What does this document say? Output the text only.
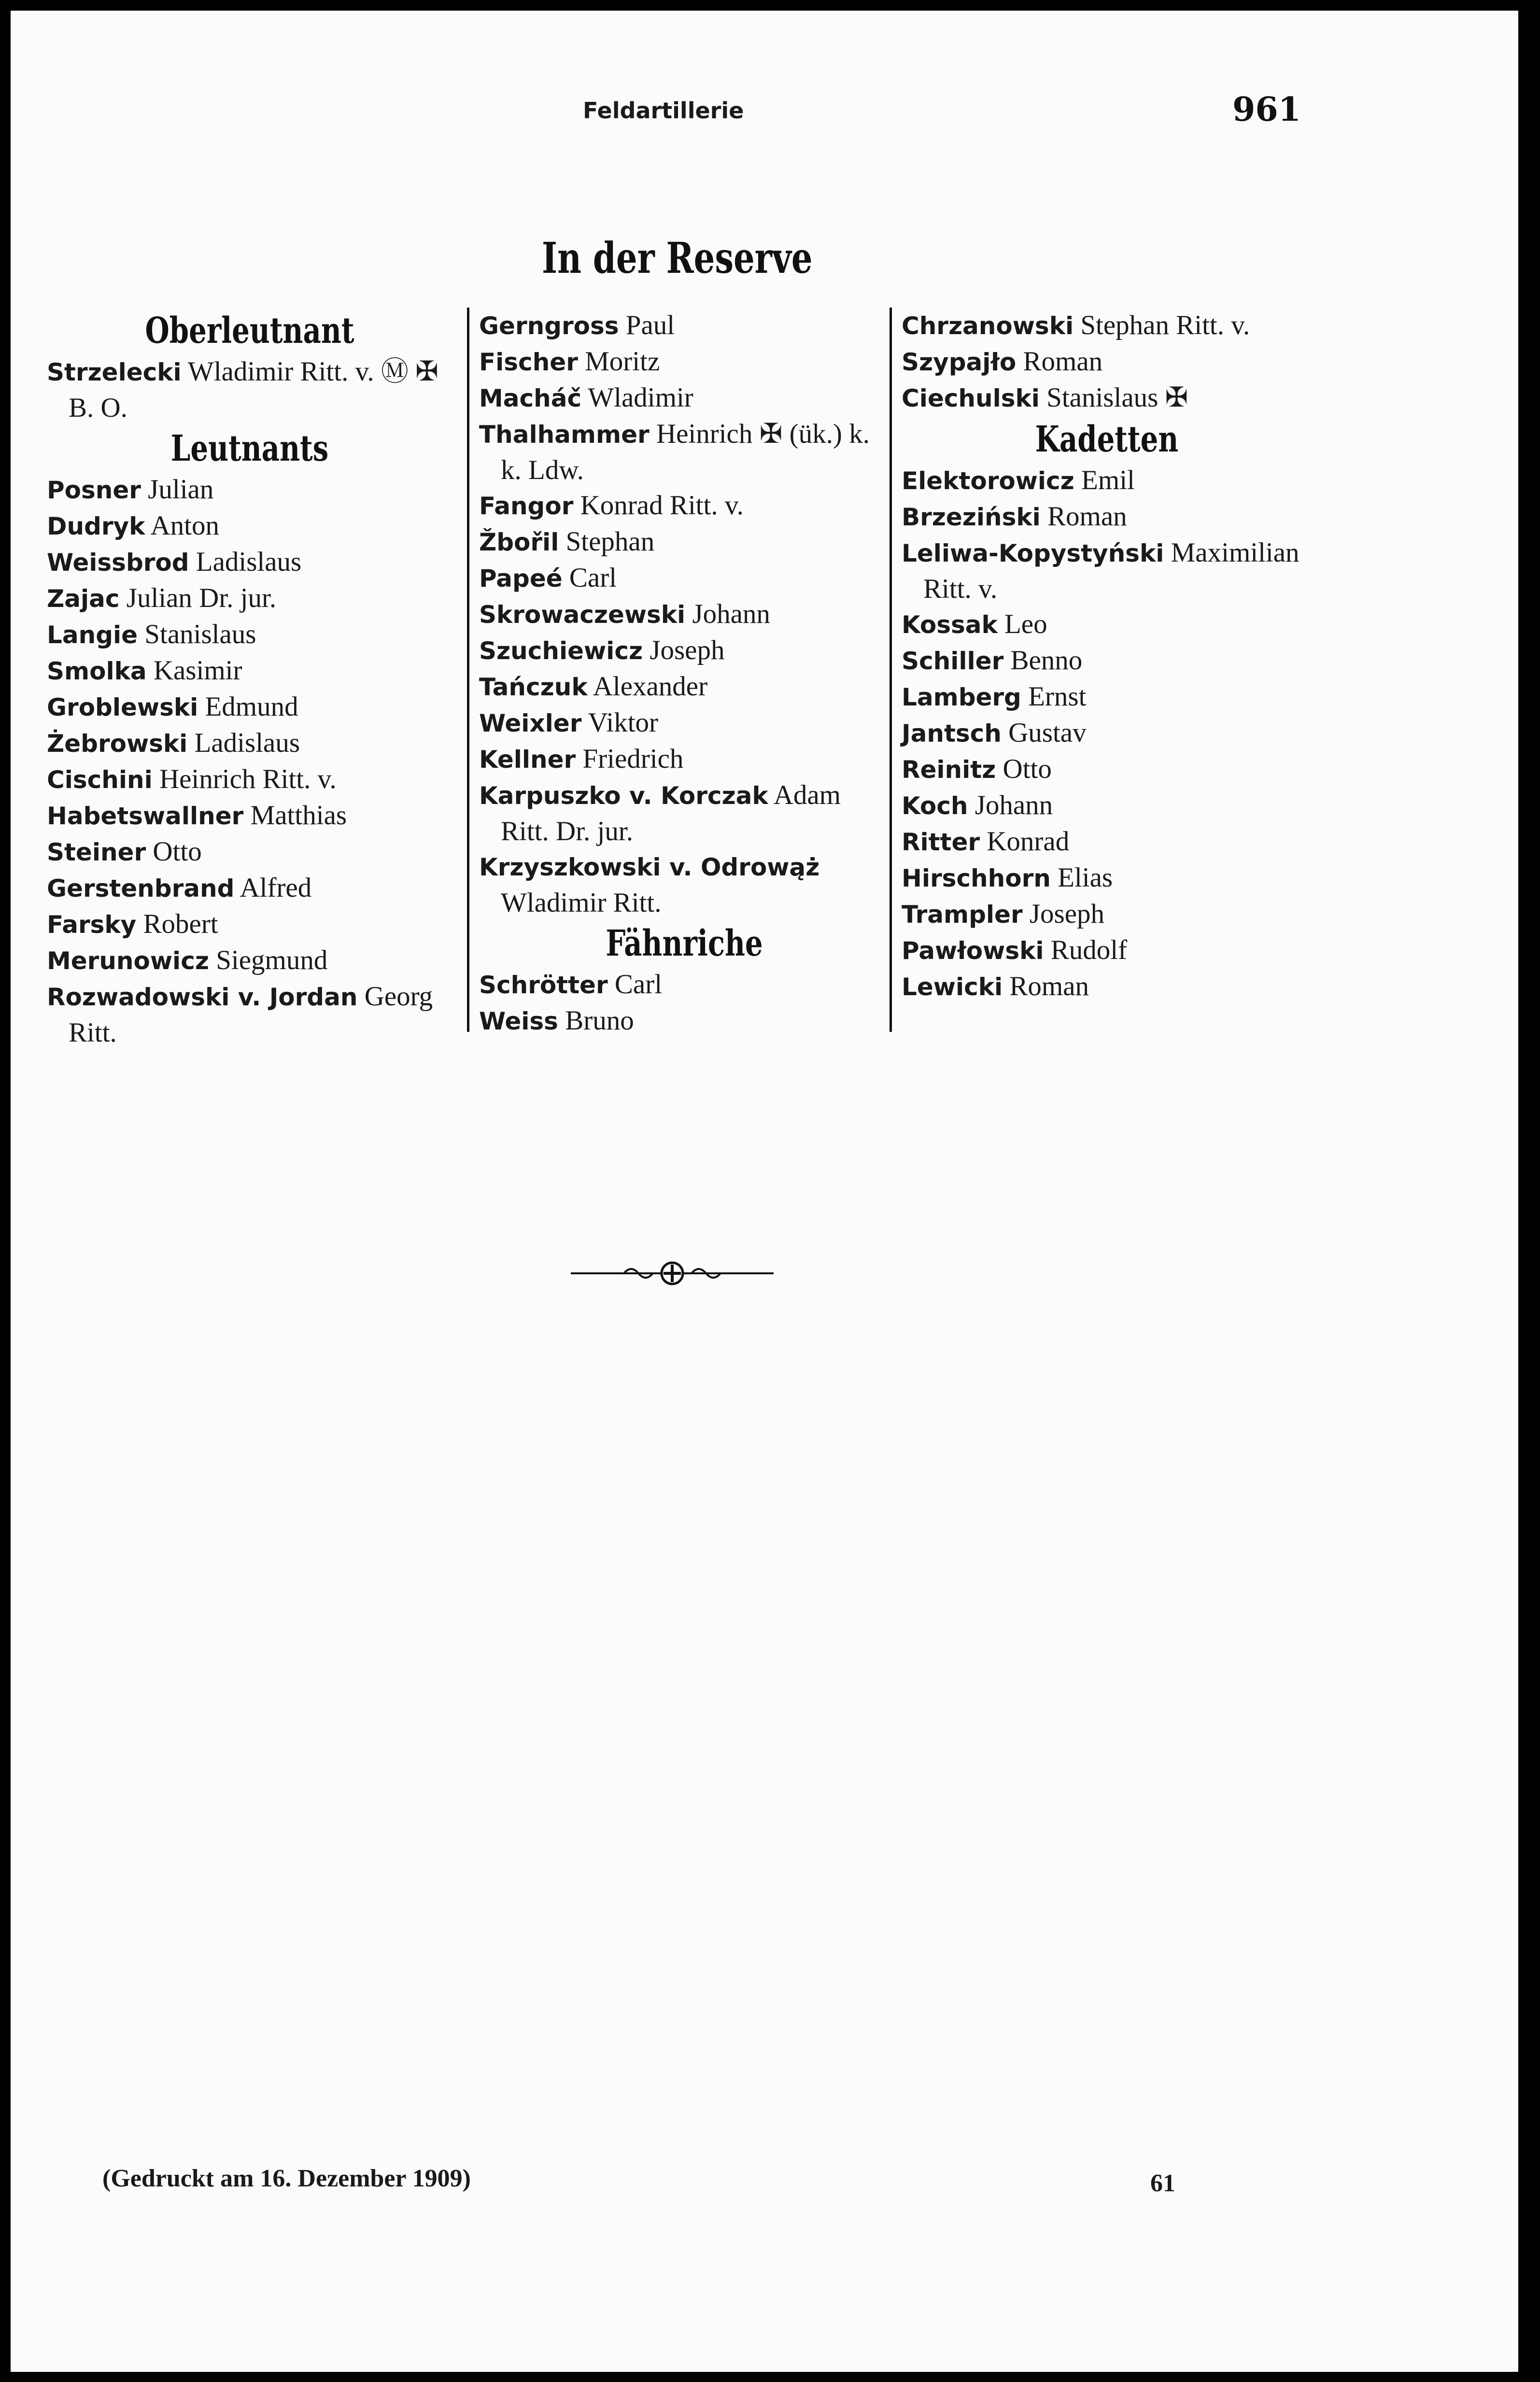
Feldartillerie	961
In der Reserve
Oberleutnant
Strzelecki Wladimir Ritt. v. Ⓜ ✠ B. O.
Leutnants
Posner Julian
Dudryk Anton
Weissbrod Ladislaus
Zajac Julian Dr. jur.
Langie Stanislaus
Smolka Kasimir
Groblewski Edmund
Żebrowski Ladislaus
Cischini Heinrich Ritt. v.
Habetswallner Matthias
Steiner Otto
Gerstenbrand Alfred
Farsky Robert
Merunowicz Siegmund
Rozwadowski v. Jordan Georg Ritt.
Gerngross Paul
Fischer Moritz
Macháč Wladimir
Thalhammer Heinrich ✠ (ük.) k. k. Ldw.
Fangor Konrad Ritt. v.
Žbořil Stephan
Papeé Carl
Skrowaczewski Johann
Szuchiewicz Joseph
Tańczuk Alexander
Weixler Viktor
Kellner Friedrich
Karpuszko v. Korczak Adam Ritt. Dr. jur.
Krzyszkowski v. Odrowąż Wladimir Ritt.
Fähnriche
Schrötter Carl
Weiss Bruno
Chrzanowski Stephan Ritt. v.
Szypajło Roman
Ciechulski Stanislaus ✠
Kadetten
Elektorowicz Emil
Brzeziński Roman
Leliwa-Kopystyński Maximilian Ritt. v.
Kossak Leo
Schiller Benno
Lamberg Ernst
Jantsch Gustav
Reinitz Otto
Koch Johann
Ritter Konrad
Hirschhorn Elias
Trampler Joseph
Pawłowski Rudolf
Lewicki Roman
(Gedruckt am 16. Dezember 1909)	61
